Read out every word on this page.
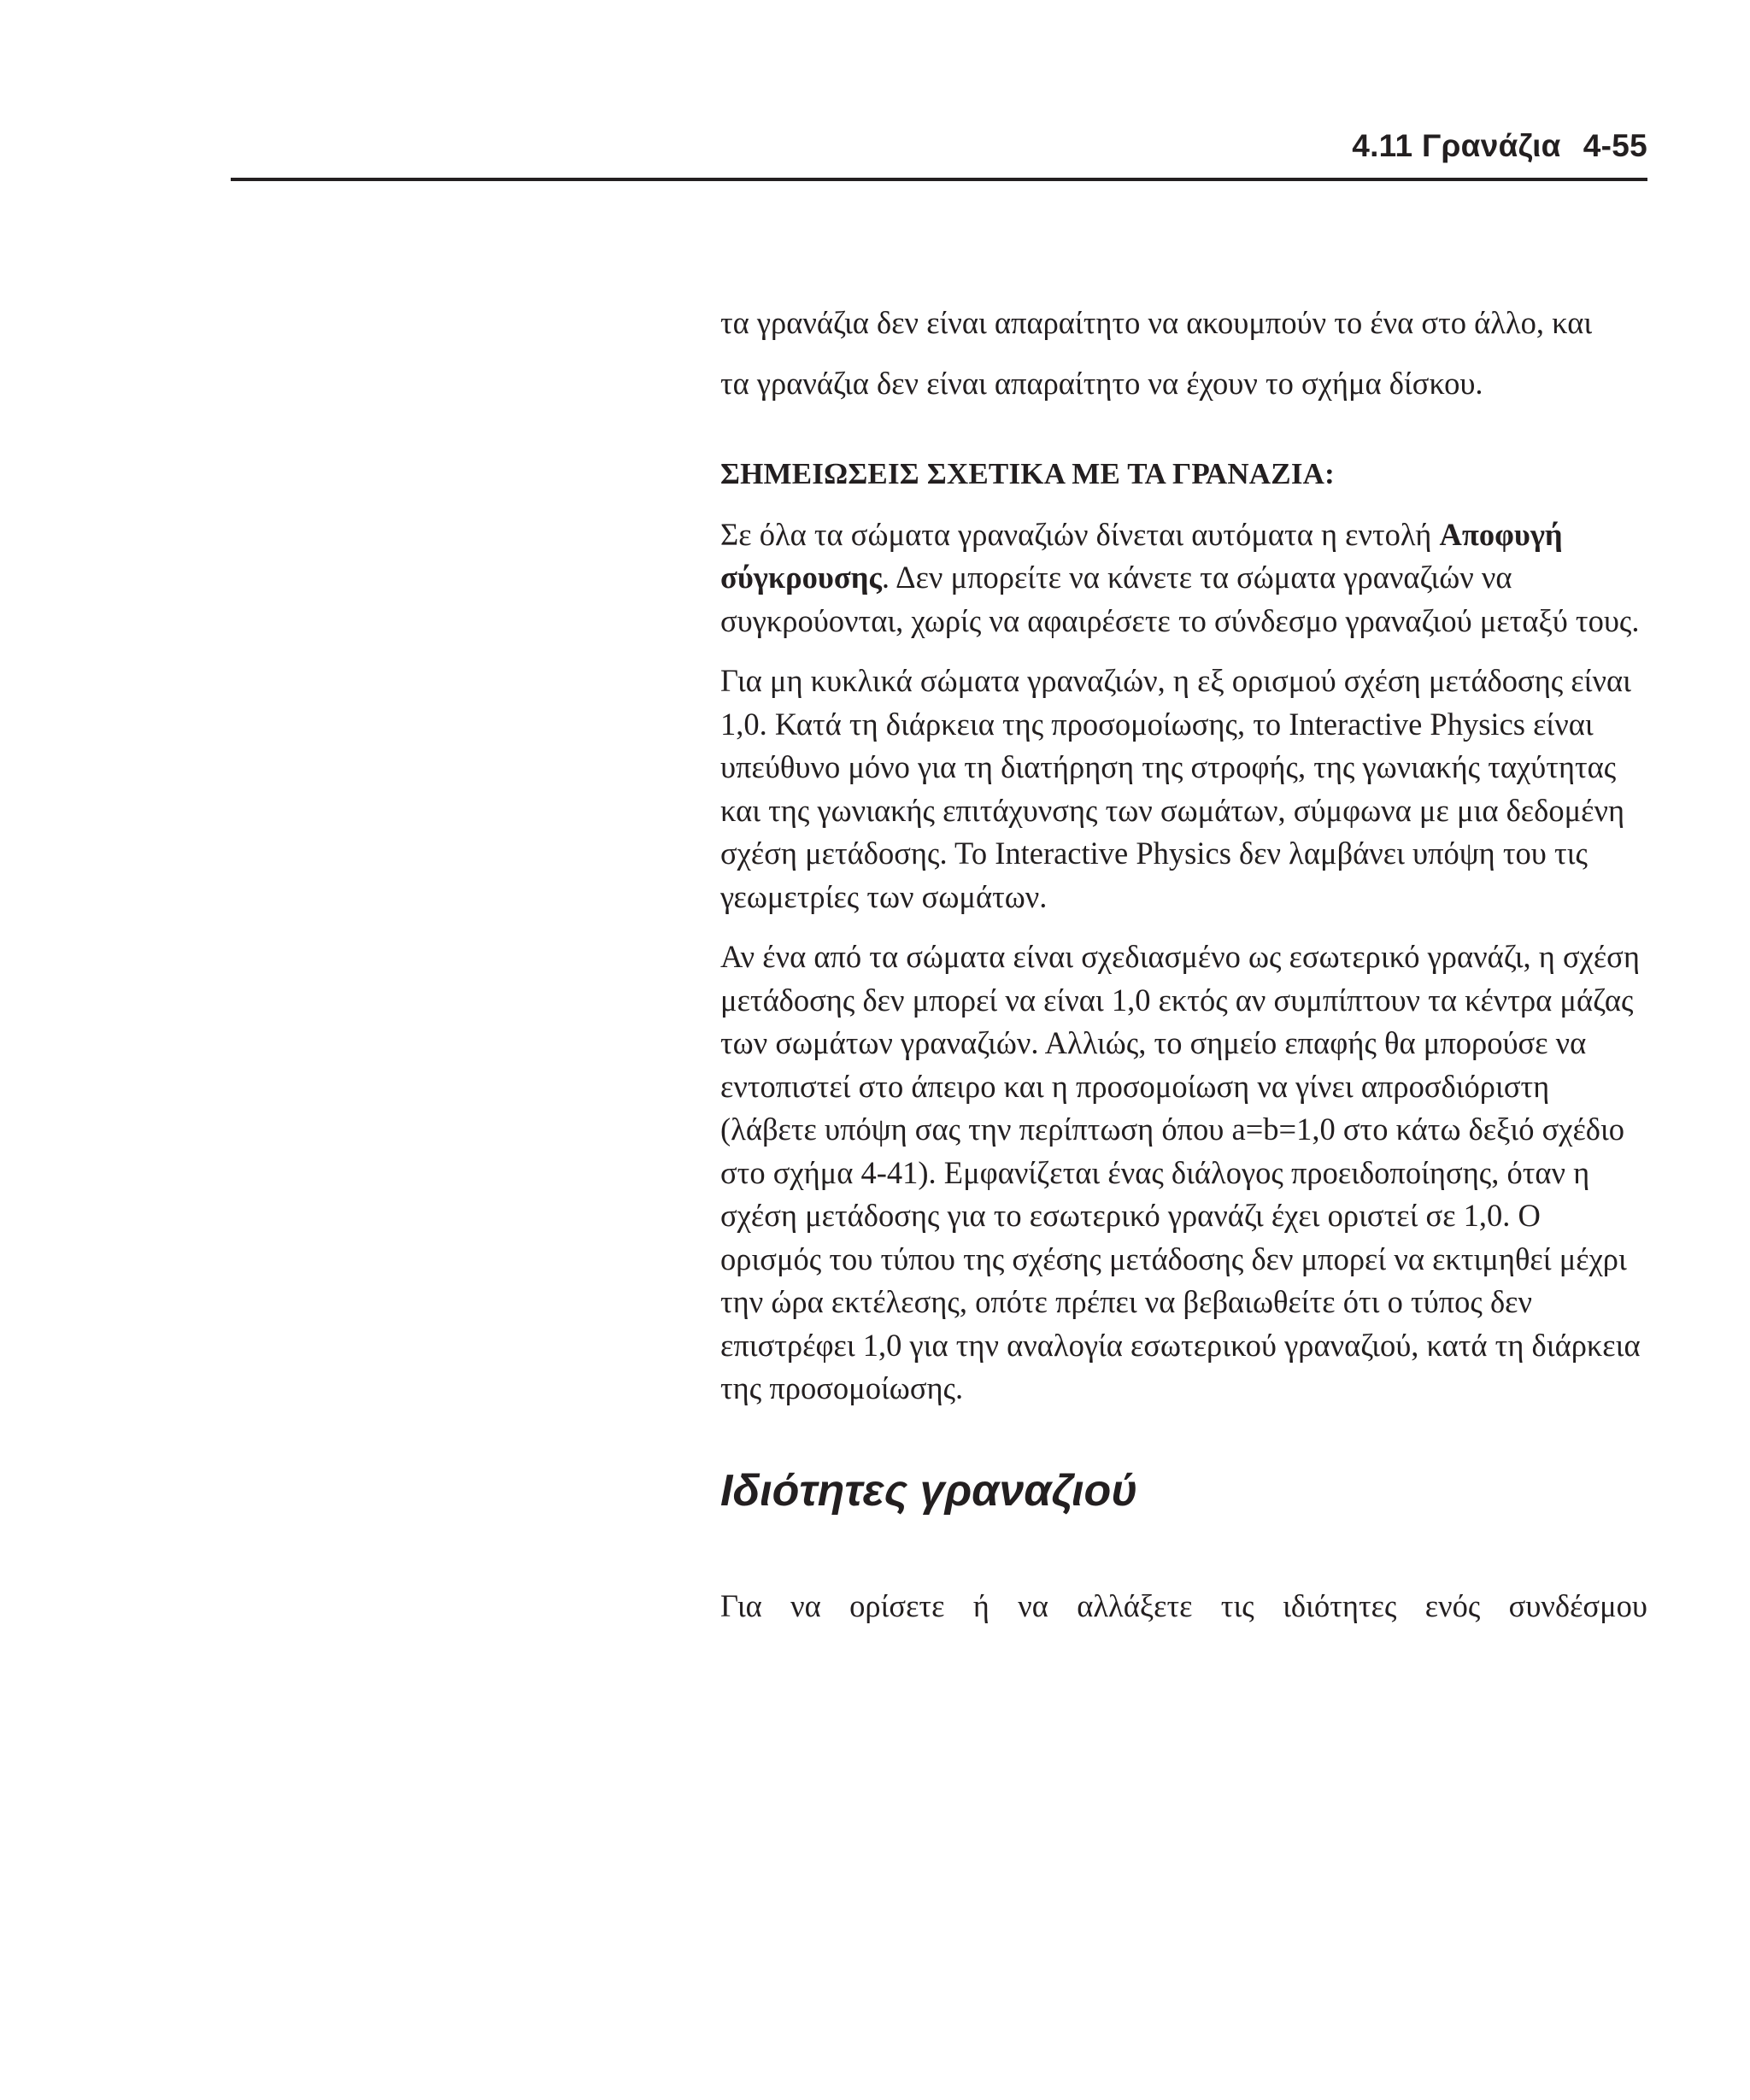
4.11 Γρανάζια 4-55

τα γρανάζια δεν είναι απαραίτητο να ακουμπούν το ένα στο άλλο, και

τα γρανάζια δεν είναι απαραίτητο να έχουν το σχήμα δίσκου.

ΣΗΜΕΙΩΣΕΙΣ ΣΧΕΤΙΚΑ ΜΕ ΤΑ ΓΡΑΝΑΖΙΑ:

Σε όλα τα σώματα γραναζιών δίνεται αυτόματα η εντολή Αποφυγή σύγκρουσης. Δεν μπορείτε να κάνετε τα σώματα γραναζιών να συγκρούονται, χωρίς να αφαιρέσετε το σύνδεσμο γραναζιού μεταξύ τους.

Για μη κυκλικά σώματα γραναζιών, η εξ ορισμού σχέση μετάδοσης είναι 1,0. Κατά τη διάρκεια της προσομοίωσης, το Interactive Physics είναι υπεύθυνο μόνο για τη διατήρηση της στροφής, της γωνιακής ταχύτητας και της γωνιακής επιτάχυνσης των σωμάτων, σύμφωνα με μια δεδομένη σχέση μετάδοσης. Το Interactive Physics δεν λαμβάνει υπόψη του τις γεωμετρίες των σωμάτων.

Αν ένα από τα σώματα είναι σχεδιασμένο ως εσωτερικό γρανάζι, η σχέση μετάδοσης δεν μπορεί να είναι 1,0 εκτός αν συμπίπτουν τα κέντρα μάζας των σωμάτων γραναζιών. Αλλιώς, το σημείο επαφής θα μπορούσε να εντοπιστεί στο άπειρο και η προσομοίωση να γίνει απροσδιόριστη (λάβετε υπόψη σας την περίπτωση όπου a=b=1,0 στο κάτω δεξιό σχέδιο στο σχήμα 4-41). Εμφανίζεται ένας διάλογος προειδοποίησης, όταν η σχέση μετάδοσης για το εσωτερικό γρανάζι έχει οριστεί σε 1,0. Ο ορισμός του τύπου της σχέσης μετάδοσης δεν μπορεί να εκτιμηθεί μέχρι την ώρα εκτέλεσης, οπότε πρέπει να βεβαιωθείτε ότι ο τύπος δεν επιστρέφει 1,0 για την αναλογία εσωτερικού γραναζιού, κατά τη διάρκεια της προσομοίωσης.

Ιδιότητες γραναζιού

Για να ορίσετε ή να αλλάξετε τις ιδιότητες ενός συνδέσμου
